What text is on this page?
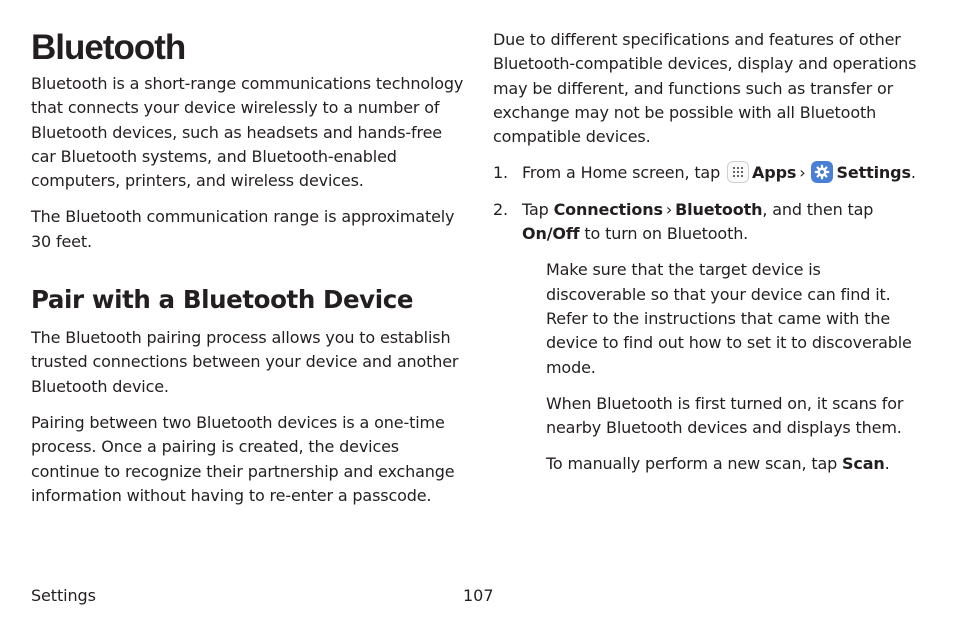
Bluetooth

Bluetooth is a short-range communications technology that connects your device wirelessly to a number of Bluetooth devices, such as headsets and hands-free car Bluetooth systems, and Bluetooth-enabled computers, printers, and wireless devices.

The Bluetooth communication range is approximately 30 feet.

Pair with a Bluetooth Device

The Bluetooth pairing process allows you to establish trusted connections between your device and another Bluetooth device.

Pairing between two Bluetooth devices is a one-time process. Once a pairing is created, the devices continue to recognize their partnership and exchange information without having to re-enter a passcode.

Due to different specifications and features of other Bluetooth-compatible devices, display and operations may be different, and functions such as transfer or exchange may not be possible with all Bluetooth compatible devices.

1. From a Home screen, tap Apps › Settings.
2. Tap Connections › Bluetooth, and then tap On/Off to turn on Bluetooth.

Make sure that the target device is discoverable so that your device can find it. Refer to the instructions that came with the device to find out how to set it to discoverable mode.

When Bluetooth is first turned on, it scans for nearby Bluetooth devices and displays them.

To manually perform a new scan, tap Scan.

Settings	107
